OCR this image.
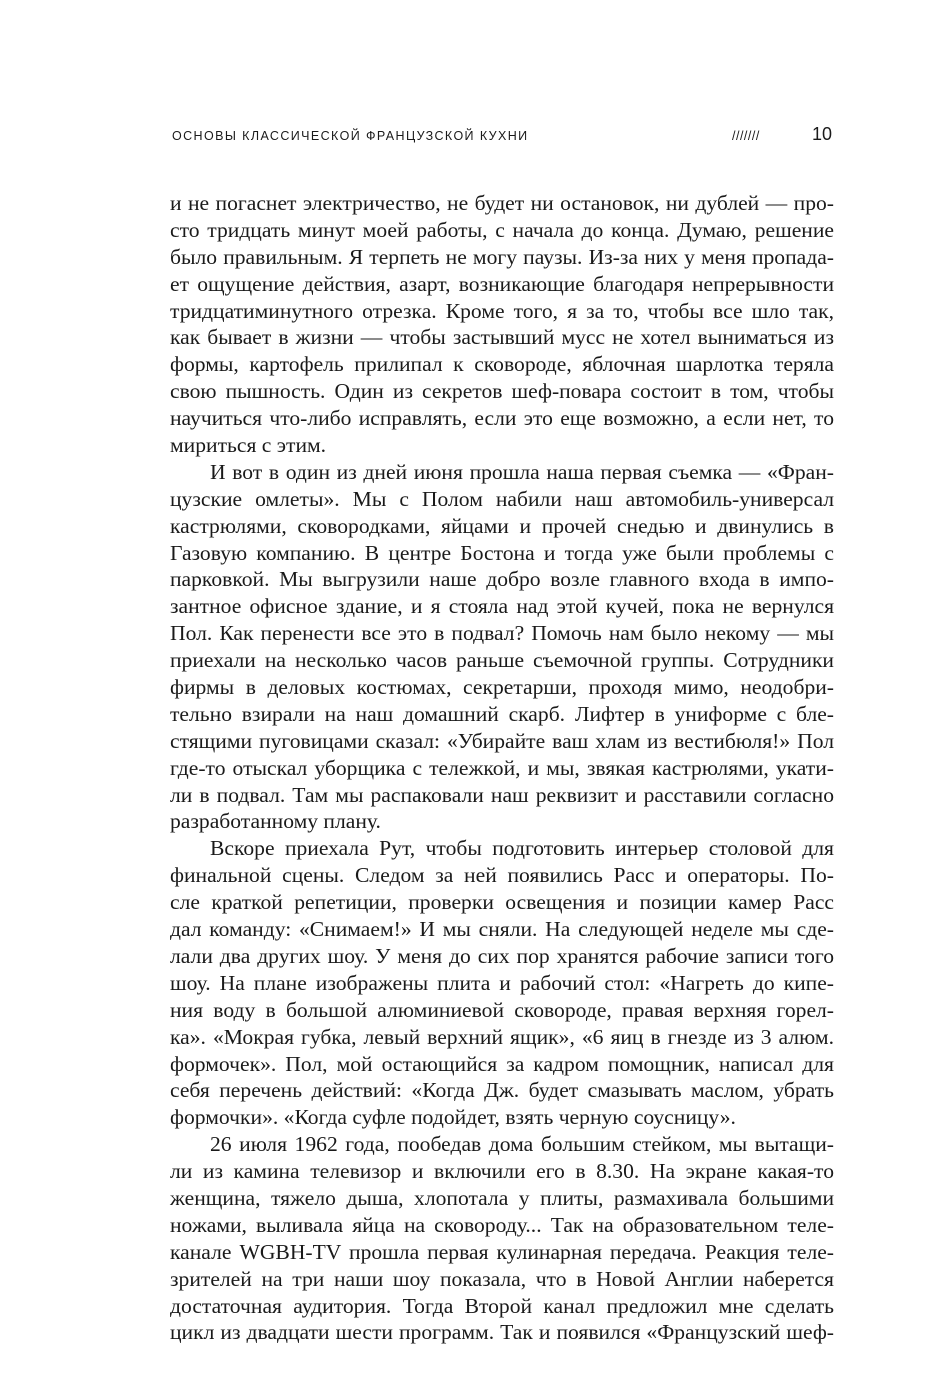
ОСНОВЫ КЛАССИЧЕСКОЙ ФРАНЦУЗСКОЙ КУХНИ	///////	10
и не погаснет электричество, не будет ни остановок, ни дублей — про-
сто тридцать минут моей работы, с начала до конца. Думаю, решение
было правильным. Я терпеть не могу паузы. Из-за них у меня пропада-
ет ощущение действия, азарт, возникающие благодаря непрерывности
тридцатиминутного отрезка. Кроме того, я за то, чтобы все шло так,
как бывает в жизни — чтобы застывший мусс не хотел выниматься из
формы, картофель прилипал к сковороде, яблочная шарлотка теряла
свою пышность. Один из секретов шеф-повара состоит в том, чтобы
научиться что-либо исправлять, если это еще возможно, а если нет, то
мириться с этим.
И вот в один из дней июня прошла наша первая съемка — «Фран-
цузские омлеты». Мы с Полом набили наш автомобиль-универсал
кастрюлями, сковородками, яйцами и прочей снедью и двинулись в
Газовую компанию. В центре Бостона и тогда уже были проблемы с
парковкой. Мы выгрузили наше добро возле главного входа в импо-
зантное офисное здание, и я стояла над этой кучей, пока не вернулся
Пол. Как перенести все это в подвал? Помочь нам было некому — мы
приехали на несколько часов раньше съемочной группы. Сотрудники
фирмы в деловых костюмах, секретарши, проходя мимо, неодобри-
тельно взирали на наш домашний скарб. Лифтер в униформе с бле-
стящими пуговицами сказал: «Убирайте ваш хлам из вестибюля!» Пол
где-то отыскал уборщика с тележкой, и мы, звякая кастрюлями, укати-
ли в подвал. Там мы распаковали наш реквизит и расставили согласно
разработанному плану.
Вскоре приехала Рут, чтобы подготовить интерьер столовой для
финальной сцены. Следом за ней появились Расс и операторы. По-
сле краткой репетиции, проверки освещения и позиции камер Расс
дал команду: «Снимаем!» И мы сняли. На следующей неделе мы сде-
лали два других шоу. У меня до сих пор хранятся рабочие записи того
шоу. На плане изображены плита и рабочий стол: «Нагреть до кипе-
ния воду в большой алюминиевой сковороде, правая верхняя горел-
ка». «Мокрая губка, левый верхний ящик», «6 яиц в гнезде из 3 алюм.
формочек». Пол, мой остающийся за кадром помощник, написал для
себя перечень действий: «Когда Дж. будет смазывать маслом, убрать
формочки». «Когда суфле подойдет, взять черную соусницу».
26 июля 1962 года, пообедав дома большим стейком, мы вытащи-
ли из камина телевизор и включили его в 8.30. На экране какая-то
женщина, тяжело дыша, хлопотала у плиты, размахивала большими
ножами, выливала яйца на сковороду... Так на образовательном теле-
канале WGBH-TV прошла первая кулинарная передача. Реакция теле-
зрителей на три наши шоу показала, что в Новой Англии наберется
достаточная аудитория. Тогда Второй канал предложил мне сделать
цикл из двадцати шести программ. Так и появился «Французский шеф-
